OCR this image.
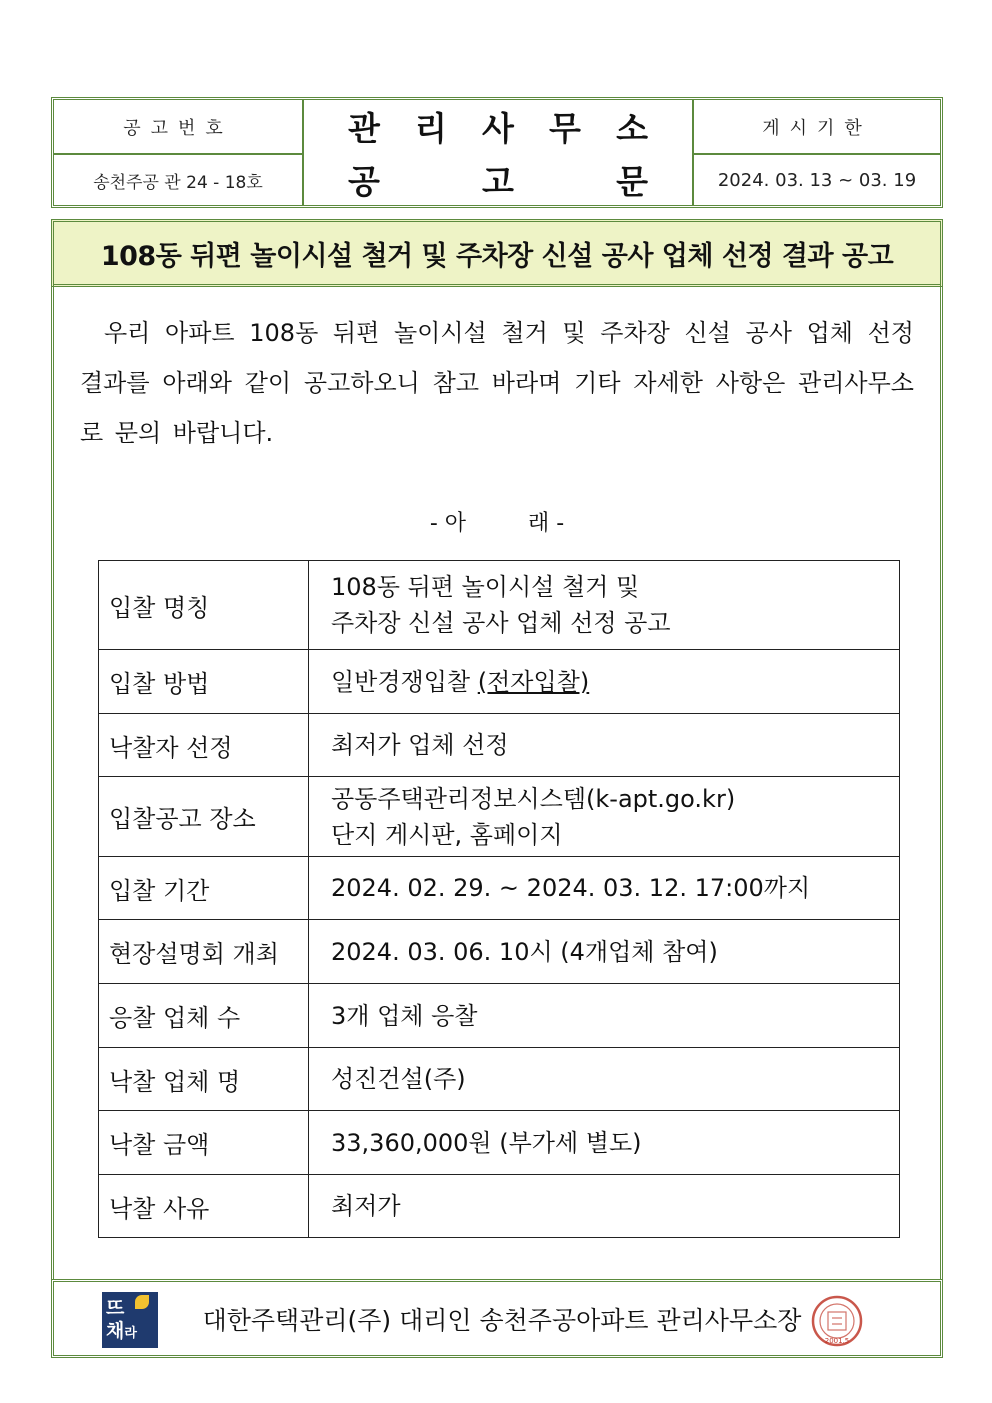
공고번호
송천주공 관 24 - 18호
관 리 사 무 소
공	고	문
게시기한
2024. 03. 13 ~ 03. 19
108동 뒤편 놀이시설 철거 및 주차장 신설 공사 업체 선정 결과 공고
우리 아파트 108동 뒤편 놀이시설 철거 및 주차장 신설 공사 업체 선정 결과를 아래와 같이 공고하오니 참고 바라며 기타 자세한 사항은 관리사무소로 문의 바랍니다.
- 아	래 -
입찰 명칭	108동 뒤편 놀이시설 철거 및
주차장 신설 공사 업체 선정 공고

입찰 방법	일반경쟁입찰 (전자입찰)
낙찰자 선정	최저가 업체 선정
입찰공고 장소	공동주택관리정보시스템(k-apt.go.kr)
단지 게시판, 홈페이지

입찰 기간	2024. 02. 29. ~ 2024. 03. 12. 17:00까지
현장설명회 개최	2024. 03. 06. 10시 (4개업체 참여)
응찰 업체 수	3개 업체 응찰
낙찰 업체 명	성진건설(주)
낙찰 금액	33,360,000원 (부가세 별도)
낙찰 사유	최저가
뜨
채라	대한주택관리(주) 대리인 송천주공아파트 관리사무소장
2001.5
